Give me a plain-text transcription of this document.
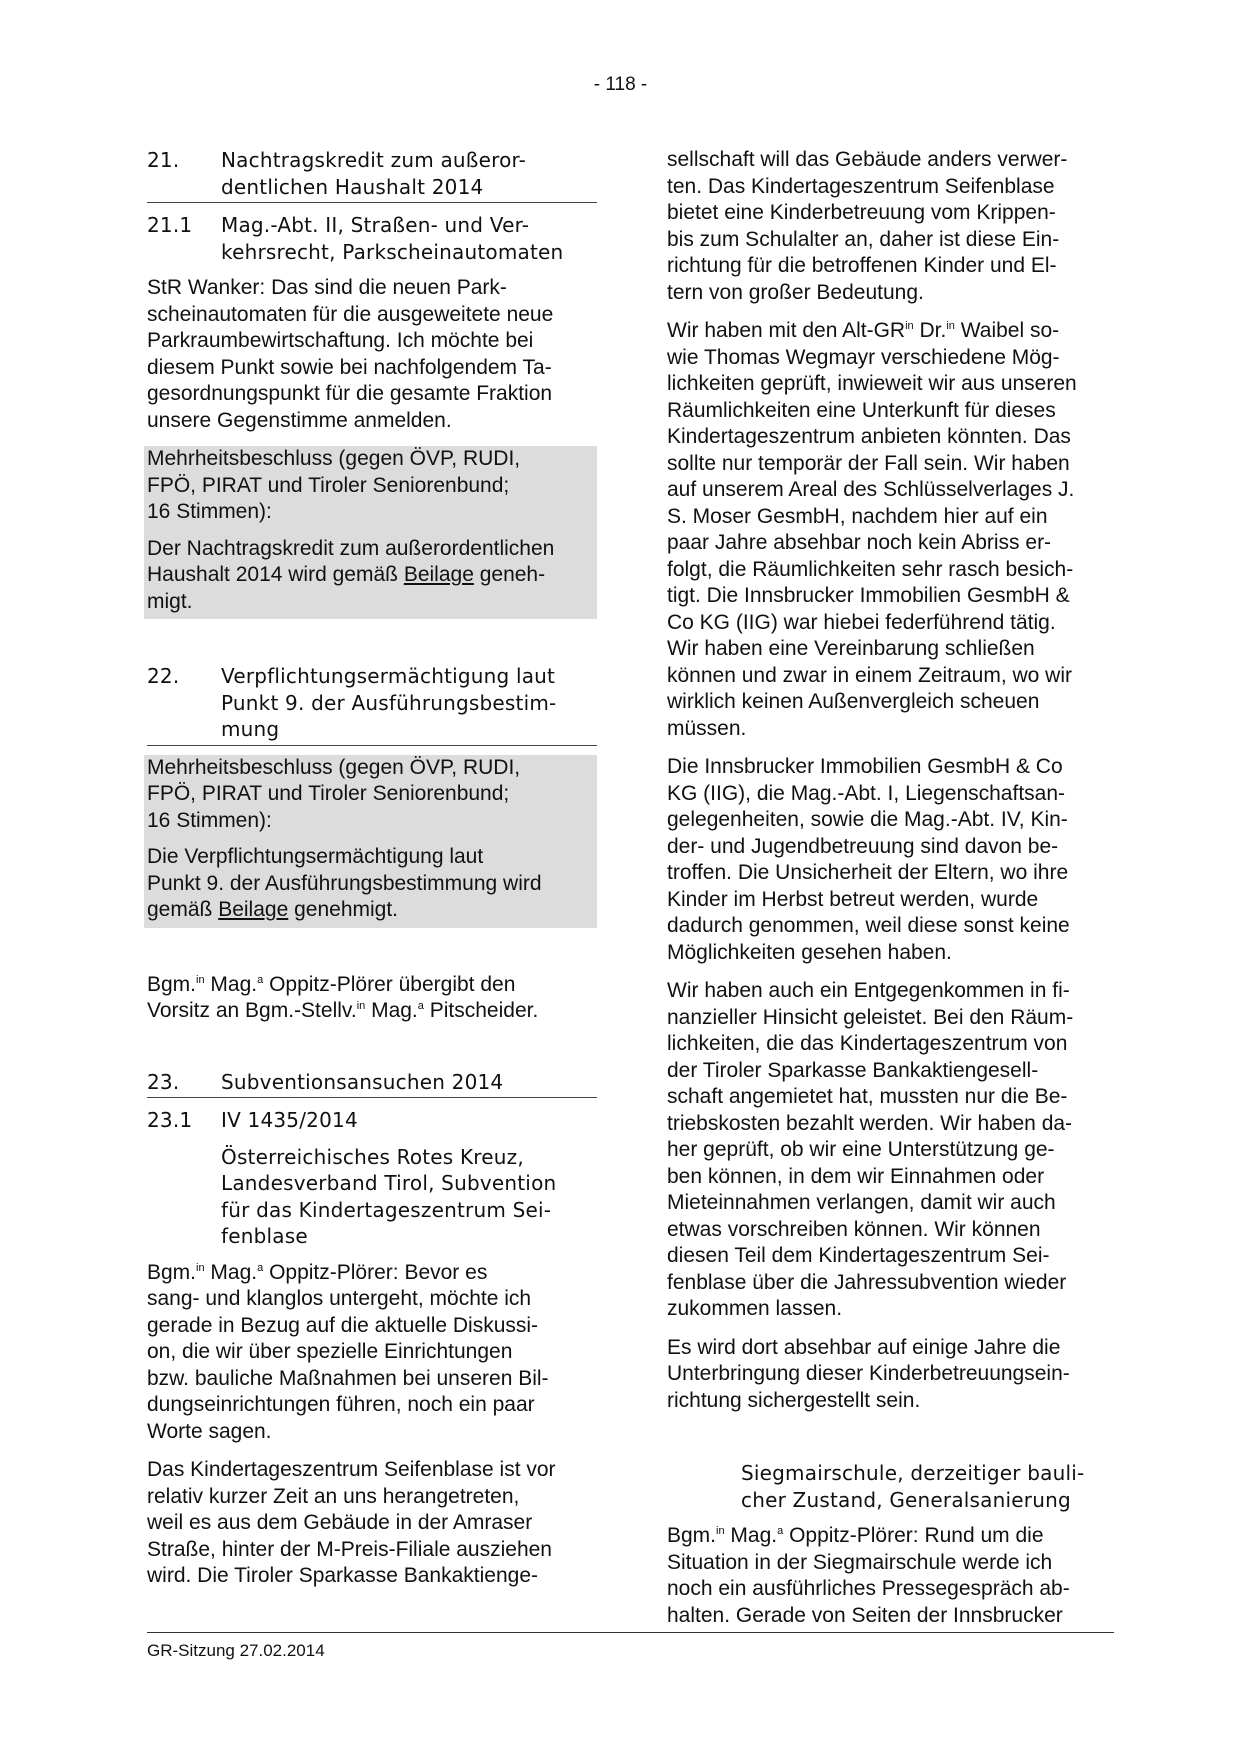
- 118 -
21.	Nachtragskredit zum außeror-
dentlichen Haushalt 2014
21.1	Mag.-Abt. II, Straßen- und Ver-
kehrsrecht, Parkscheinautomaten

StR Wanker: Das sind die neuen Park-
scheinautomaten für die ausgeweitete neue
Parkraumbewirtschaftung. Ich möchte bei
diesem Punkt sowie bei nachfolgendem Ta-
gesordnungspunkt für die gesamte Fraktion
unsere Gegenstimme anmelden.

Mehrheitsbeschluss (gegen ÖVP, RUDI,
FPÖ, PIRAT und Tiroler Seniorenbund;
16 Stimmen):

Der Nachtragskredit zum außerordentlichen
Haushalt 2014 wird gemäß Beilage geneh-
migt.

22.	Verpflichtungsermächtigung laut
Punkt 9. der Ausführungsbestim-
mung

Mehrheitsbeschluss (gegen ÖVP, RUDI,
FPÖ, PIRAT und Tiroler Seniorenbund;
16 Stimmen):

Die Verpflichtungsermächtigung laut
Punkt 9. der Ausführungsbestimmung wird
gemäß Beilage genehmigt.

Bgm.$^{in}$ Mag.$^a$ Oppitz-Plörer übergibt den
Vorsitz an Bgm.-Stellv.$^{in}$ Mag.$^a$ Pitscheider.

23.	Subventionsansuchen 2014
23.1	IV 1435/2014
Österreichisches Rotes Kreuz,
Landesverband Tirol, Subvention
für das Kindertageszentrum Sei-
fenblase

Bgm.$^{in}$ Mag.$^a$ Oppitz-Plörer: Bevor es
sang- und klanglos untergeht, möchte ich
gerade in Bezug auf die aktuelle Diskussi-
on, die wir über spezielle Einrichtungen
bzw. bauliche Maßnahmen bei unseren Bil-
dungseinrichtungen führen, noch ein paar
Worte sagen.

Das Kindertageszentrum Seifenblase ist vor
relativ kurzer Zeit an uns herangetreten,
weil es aus dem Gebäude in der Amraser
Straße, hinter der M-Preis-Filiale ausziehen
wird. Die Tiroler Sparkasse Bankaktienge-

sellschaft will das Gebäude anders verwer-
ten. Das Kindertageszentrum Seifenblase
bietet eine Kinderbetreuung vom Krippen-
bis zum Schulalter an, daher ist diese Ein-
richtung für die betroffenen Kinder und El-
tern von großer Bedeutung.

Wir haben mit den Alt-$GR^{in}$ Dr.$^{in}$ Waibel so-
wie Thomas Wegmayr verschiedene Mög-
lichkeiten geprüft, inwieweit wir aus unseren
Räumlichkeiten eine Unterkunft für dieses
Kindertageszentrum anbieten könnten. Das
sollte nur temporär der Fall sein. Wir haben
auf unserem Areal des Schlüsselverlages J.
S. Moser GesmbH, nachdem hier auf ein
paar Jahre absehbar noch kein Abriss er-
folgt, die Räumlichkeiten sehr rasch besich-
tigt. Die Innsbrucker Immobilien GesmbH &
Co KG (IIG) war hiebei federführend tätig.
Wir haben eine Vereinbarung schließen
können und zwar in einem Zeitraum, wo wir
wirklich keinen Außenvergleich scheuen
müssen.

Die Innsbrucker Immobilien GesmbH & Co
KG (IIG), die Mag.-Abt. I, Liegenschaftsan-
gelegenheiten, sowie die Mag.-Abt. IV, Kin-
der- und Jugendbetreuung sind davon be-
troffen. Die Unsicherheit der Eltern, wo ihre
Kinder im Herbst betreut werden, wurde
dadurch genommen, weil diese sonst keine
Möglichkeiten gesehen haben.

Wir haben auch ein Entgegenkommen in fi-
nanzieller Hinsicht geleistet. Bei den Räum-
lichkeiten, die das Kindertageszentrum von
der Tiroler Sparkasse Bankaktiengesell-
schaft angemietet hat, mussten nur die Be-
triebskosten bezahlt werden. Wir haben da-
her geprüft, ob wir eine Unterstützung ge-
ben können, in dem wir Einnahmen oder
Mieteinnahmen verlangen, damit wir auch
etwas vorschreiben können. Wir können
diesen Teil dem Kindertageszentrum Sei-
fenblase über die Jahressubvention wieder
zukommen lassen.

Es wird dort absehbar auf einige Jahre die
Unterbringung dieser Kinderbetreuungsein-
richtung sichergestellt sein.

Siegmairschule, derzeitiger bauli-
cher Zustand, Generalsanierung

Bgm.$^{in}$ Mag.$^a$ Oppitz-Plörer: Rund um die
Situation in der Siegmairschule werde ich
noch ein ausführliches Pressegespräch ab-
halten. Gerade von Seiten der Innsbrucker

GR-Sitzung 27.02.2014
